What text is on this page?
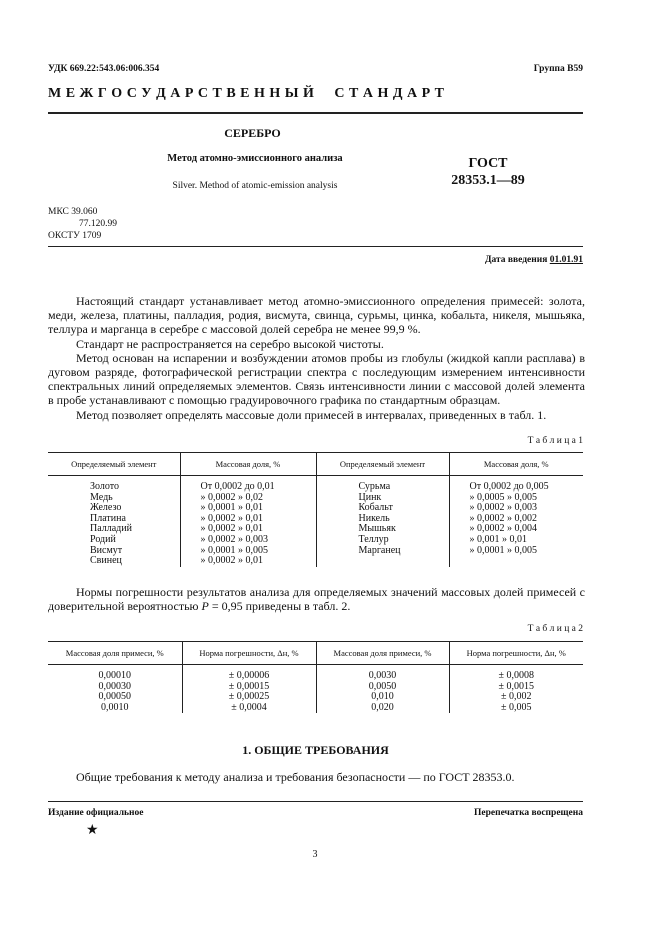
УДК 669.22:543.06:006.354	Группа В59
М Е Ж Г О С У Д А Р С Т В Е Н Н Ы Й     С Т А Н Д А Р Т
СЕРЕБРО
Метод атомно-эмиссионного анализа
Silver. Method of atomic-emission analysis
ГОСТ
28353.1—89
МКС 39.060
77.120.99
ОКСТУ 1709
Дата введения 01.01.91
Настоящий стандарт устанавливает метод атомно-эмиссионного определения примесей: золота, меди, железа, платины, палладия, родия, висмута, свинца, сурьмы, цинка, кобальта, никеля, мышьяка, теллура и марганца в серебре с массовой долей серебра не менее 99,9 %.
Стандарт не распространяется на серебро высокой чистоты.
Метод основан на испарении и возбуждении атомов пробы из глобулы (жидкой капли расплава) в дуговом разряде, фотографической регистрации спектра с последующим измерением интенсивности спектральных линий определяемых элементов. Связь интенсивности линии с массовой долей элемента в пробе устанавливают с помощью градуировочного графика по стандартным образцам.
Метод позволяет определять массовые доли примесей в интервалах, приведенных в табл. 1.
Т а б л и ц а 1
Определяемый элемент	Массовая доля, %	Определяемый элемент	Массовая доля, %

Золото	От 0,0002 до 0,01	Сурьма	От 0,0002 до 0,005
Медь	» 0,0002 » 0,02	Цинк	» 0,0005 » 0,005
Железо	» 0,0001 » 0,01	Кобальт	» 0,0002 » 0,003
Платина	» 0,0002 » 0,01	Никель	» 0,0002 » 0,002
Палладий	» 0,0002 » 0,01	Мышьяк	» 0,0002 » 0,004
Родий	» 0,0002 » 0,003	Теллур	» 0,001 » 0,01
Висмут	» 0,0001 » 0,005	Марганец	» 0,0001 » 0,005
Свинец	» 0,0002 » 0,01		
Нормы погрешности результатов анализа для определяемых значений массовых долей примесей с доверительной вероятностью P = 0,95 приведены в табл. 2.
Т а б л и ц а 2
Массовая доля примеси, %	Норма погрешности, Δн, %	Массовая доля примеси, %	Норма погрешности, Δн, %

0,00010	± 0,00006	0,0030	± 0,0008
0,00030	± 0,00015	0,0050	± 0,0015
0,00050	± 0,00025	0,010	± 0,002
0,0010	± 0,0004	0,020	± 0,005
1. ОБЩИЕ ТРЕБОВАНИЯ
Общие требования к методу анализа и требования безопасности — по ГОСТ 28353.0.
Издание официальное	Перепечатка воспрещена
★
3
